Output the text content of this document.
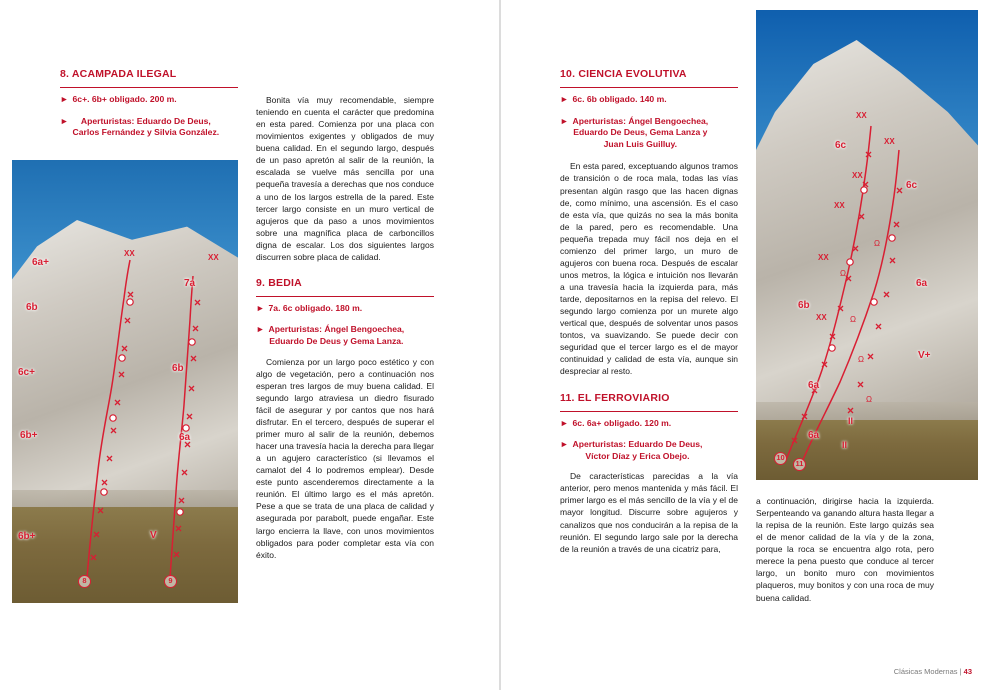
8. ACAMPADA ILEGAL
► 6c+. 6b+ obligado. 200 m.
►	Aperturistas: Eduardo De Deus,
Carlos Fernández y Silvia González.
XX
XX
6a+
6b
6c+
6b+
6b+
7a
6b
6a
V
8	9

Bonita vía muy recomendable, siempre teniendo en cuenta el carácter que predomina en esta pared. Comienza por una placa con movimientos exigentes y obligados de muy buena calidad. En el segundo largo, después de un paso apretón al salir de la reunión, la escalada se vuelve más sencilla por una pequeña travesía a derechas que nos conduce a uno de los largos estrella de la pared. Este tercer largo consiste en un muro vertical de agujeros que da paso a unos movimientos sobre una magnífica placa de carboncillos digna de escalar. Los dos siguientes largos discurren sobre placa de calidad.

9. BEDIA
► 7a. 6c obligado. 180 m.
► Aperturistas: Ángel Bengoechea,
Eduardo De Deus y Gema Lanza.

Comienza por un largo poco estético y con algo de vegetación, pero a continuación nos esperan tres largos de muy buena calidad. El segundo largo atraviesa un diedro fisurado fácil de asegurar y por cantos que nos hará disfrutar. En el tercero, después de superar el primer muro al salir de la reunión, debemos hacer una travesía hacia la derecha para llegar a un agujero característico (si llevamos el camalot del 4 lo podremos emplear). Desde este punto ascenderemos directamente a la reunión. El último largo es el más apretón. Pese a que se trata de una placa de calidad y asegurada por parabolt, puede engañar. Este largo encierra la llave, con unos movimientos obligados para poder completar esta vía con éxito.

10. CIENCIA EVOLUTIVA
► 6c. 6b obligado. 140 m.
► Aperturistas: Ángel Bengoechea,
Eduardo De Deus, Gema Lanza y
Juan Luis Guilluy.

En esta pared, exceptuando algunos tramos de transición o de roca mala, todas las vías presentan algún rasgo que las hacen dignas de, como mínimo, una ascensión. Es el caso de esta vía, que quizás no sea la más bonita de la pared, pero es recomendable. Una pequeña trepada muy fácil nos deja en el comienzo del primer largo, un muro de agujeros con buena roca. Después de escalar unos metros, la lógica e intuición nos llevarán a una travesía hacia la izquierda para, más tarde, depositarnos en la repisa del relevo. El segundo largo comienza por un murete algo vertical que, después de solventar unos pasos tontos, va suavizando. Se puede decir con seguridad que el tercer largo es el de mayor continuidad y calidad de esta vía, aunque sin despreciar al resto.

11. EL FERROVIARIO
► 6c. 6a+ obligado. 120 m.
► Aperturistas: Eduardo De Deus,
Víctor Díaz y Erica Obejo.

De características parecidas a la vía anterior, pero menos mantenida y más fácil. El primer largo es el más sencillo de la vía y el de mayor longitud. Discurre sobre agujeros y canalizos que nos conducirán a la repisa de la reunión. El segundo largo sale por la derecha de la reunión a través de una cicatriz para,

XX
XX
XX
XX
XX
XX
Ω
Ω
Ω
Ω
Ω
6c
6c
6a
6b
6a
6a
V+
II
II
10
11

a continuación, dirigirse hacia la izquierda. Serpenteando va ganando altura hasta llegar a la repisa de la reunión. Este largo quizás sea el de menor calidad de la vía y de la zona, porque la roca se encuentra algo rota, pero merece la pena puesto que conduce al tercer largo, un bonito muro con movimientos plaqueros, muy bonitos y con una roca de muy buena calidad.

Clásicas Modernas | 43
